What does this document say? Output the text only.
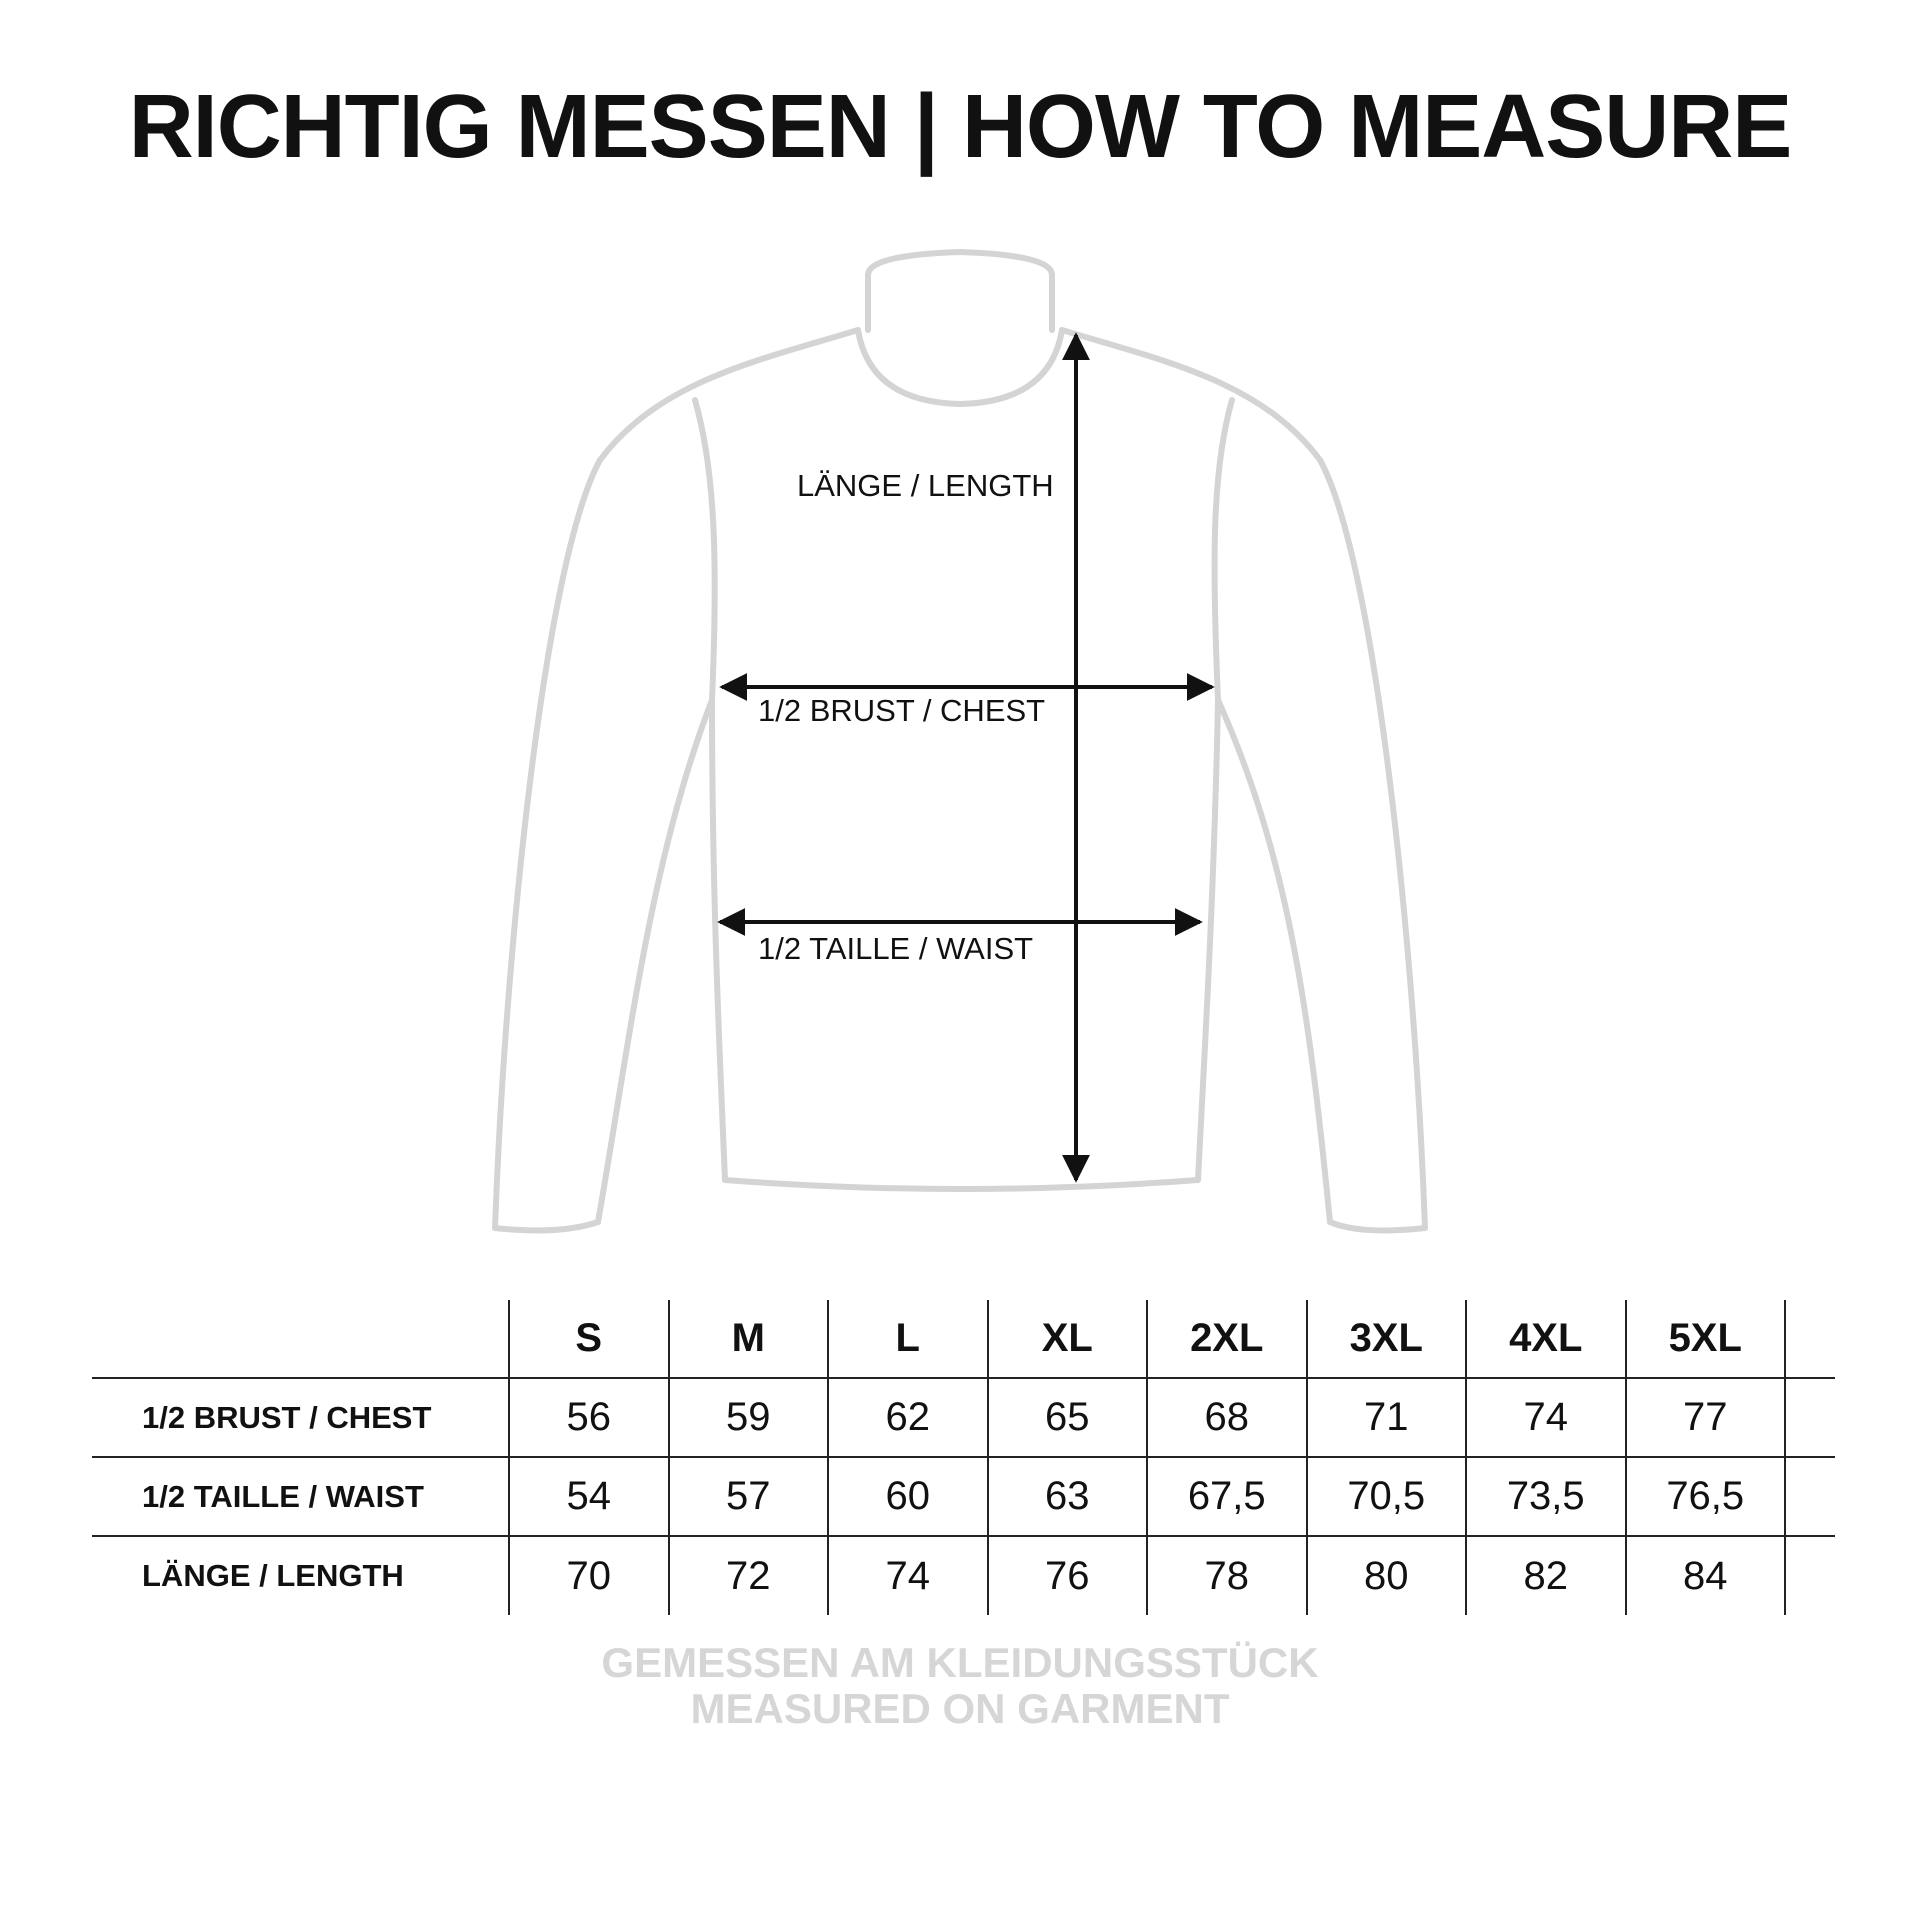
RICHTIG MESSEN | HOW TO MEASURE
LÄNGE / LENGTH
1/2 BRUST / CHEST
1/2 TAILLE / WAIST
	S	M	L	XL	2XL	3XL	4XL	5XL	
1/2 BRUST / CHEST	56	59	62	65	68	71	74	77	
1/2 TAILLE / WAIST	54	57	60	63	67,5	70,5	73,5	76,5	
LÄNGE / LENGTH	70	72	74	76	78	80	82	84	
GEMESSEN AM KLEIDUNGSSTÜCK
MEASURED ON GARMENT
